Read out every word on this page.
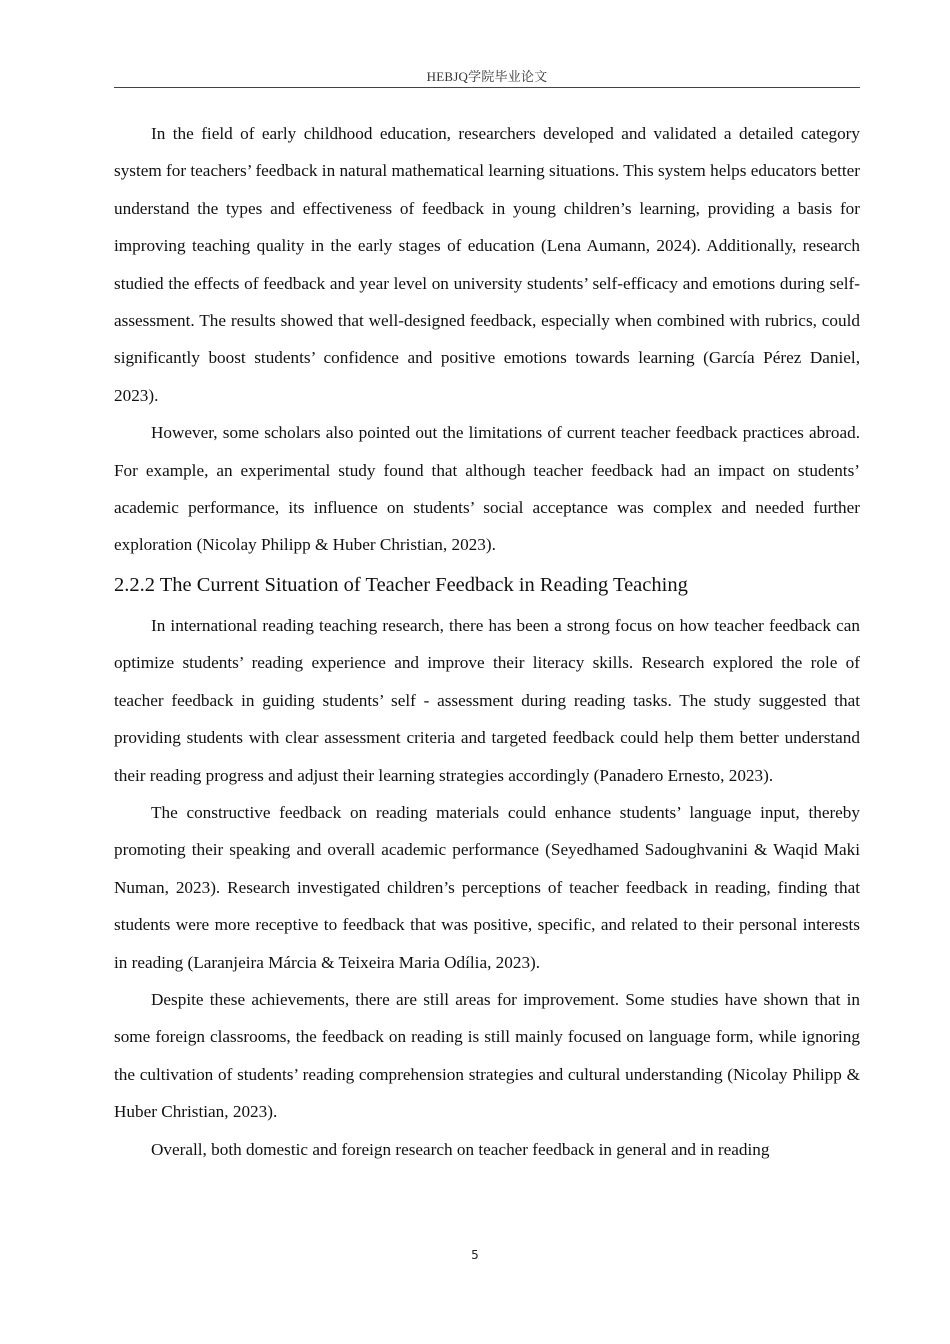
HEBJQ学院毕业论文

In the field of early childhood education, researchers developed and validated a detailed category system for teachers’ feedback in natural mathematical learning situations. This system helps educators better understand the types and effectiveness of feedback in young children’s learning, providing a basis for improving teaching quality in the early stages of education (Lena Aumann, 2024). Additionally, research studied the effects of feedback and year level on university students’ self-efficacy and emotions during self-assessment. The results showed that well-designed feedback, especially when combined with rubrics, could significantly boost students’ confidence and positive emotions towards learning (García Pérez Daniel, 2023).

However, some scholars also pointed out the limitations of current teacher feedback practices abroad. For example, an experimental study found that although teacher feedback had an impact on students’ academic performance, its influence on students’ social acceptance was complex and needed further exploration (Nicolay Philipp & Huber Christian, 2023).

2.2.2 The Current Situation of Teacher Feedback in Reading Teaching

In international reading teaching research, there has been a strong focus on how teacher feedback can optimize students’ reading experience and improve their literacy skills. Research explored the role of teacher feedback in guiding students’ self - assessment during reading tasks. The study suggested that providing students with clear assessment criteria and targeted feedback could help them better understand their reading progress and adjust their learning strategies accordingly (Panadero Ernesto, 2023).

The constructive feedback on reading materials could enhance students’ language input, thereby promoting their speaking and overall academic performance (Seyedhamed Sadoughvanini & Waqid Maki Numan, 2023). Research investigated children’s perceptions of teacher feedback in reading, finding that students were more receptive to feedback that was positive, specific, and related to their personal interests in reading (Laranjeira Márcia & Teixeira Maria Odília, 2023).

Despite these achievements, there are still areas for improvement. Some studies have shown that in some foreign classrooms, the feedback on reading is still mainly focused on language form, while ignoring the cultivation of students’ reading comprehension strategies and cultural understanding (Nicolay Philipp & Huber Christian, 2023).

Overall, both domestic and foreign research on teacher feedback in general and in reading

5
